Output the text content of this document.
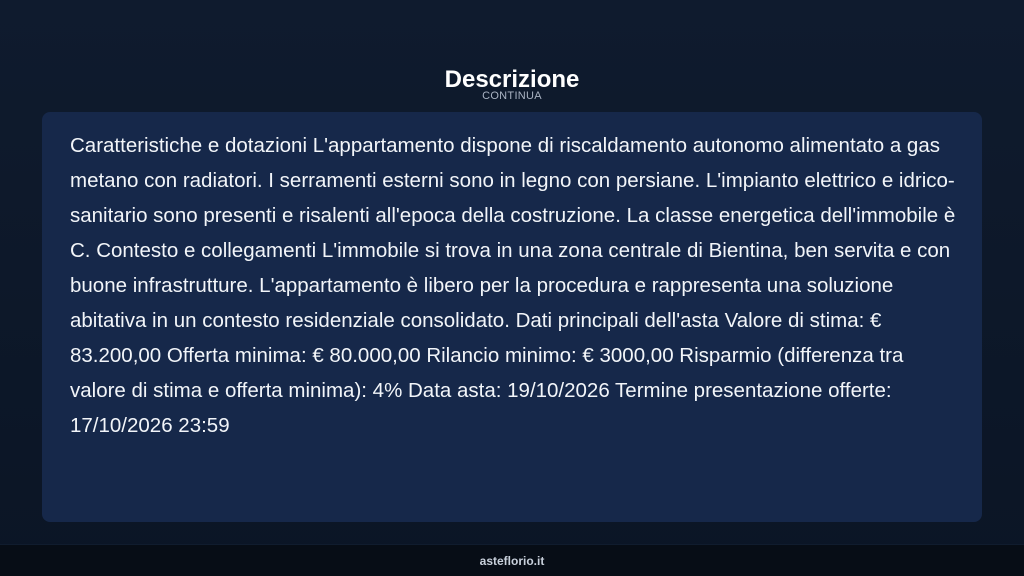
Descrizione
CONTINUA

Caratteristiche e dotazioni L'appartamento dispone di riscaldamento autonomo alimentato a gas metano con radiatori. I serramenti esterni sono in legno con persiane. L'impianto elettrico e idrico-sanitario sono presenti e risalenti all'epoca della costruzione. La classe energetica dell'immobile è C. Contesto e collegamenti L'immobile si trova in una zona centrale di Bientina, ben servita e con buone infrastrutture. L'appartamento è libero per la procedura e rappresenta una soluzione abitativa in un contesto residenziale consolidato. Dati principali dell'asta Valore di stima: € 83.200,00 Offerta minima: € 80.000,00 Rilancio minimo: € 3000,00 Risparmio (differenza tra valore di stima e offerta minima): 4% Data asta: 19/10/2026 Termine presentazione offerte: 17/10/2026 23:59

asteflorio.it
